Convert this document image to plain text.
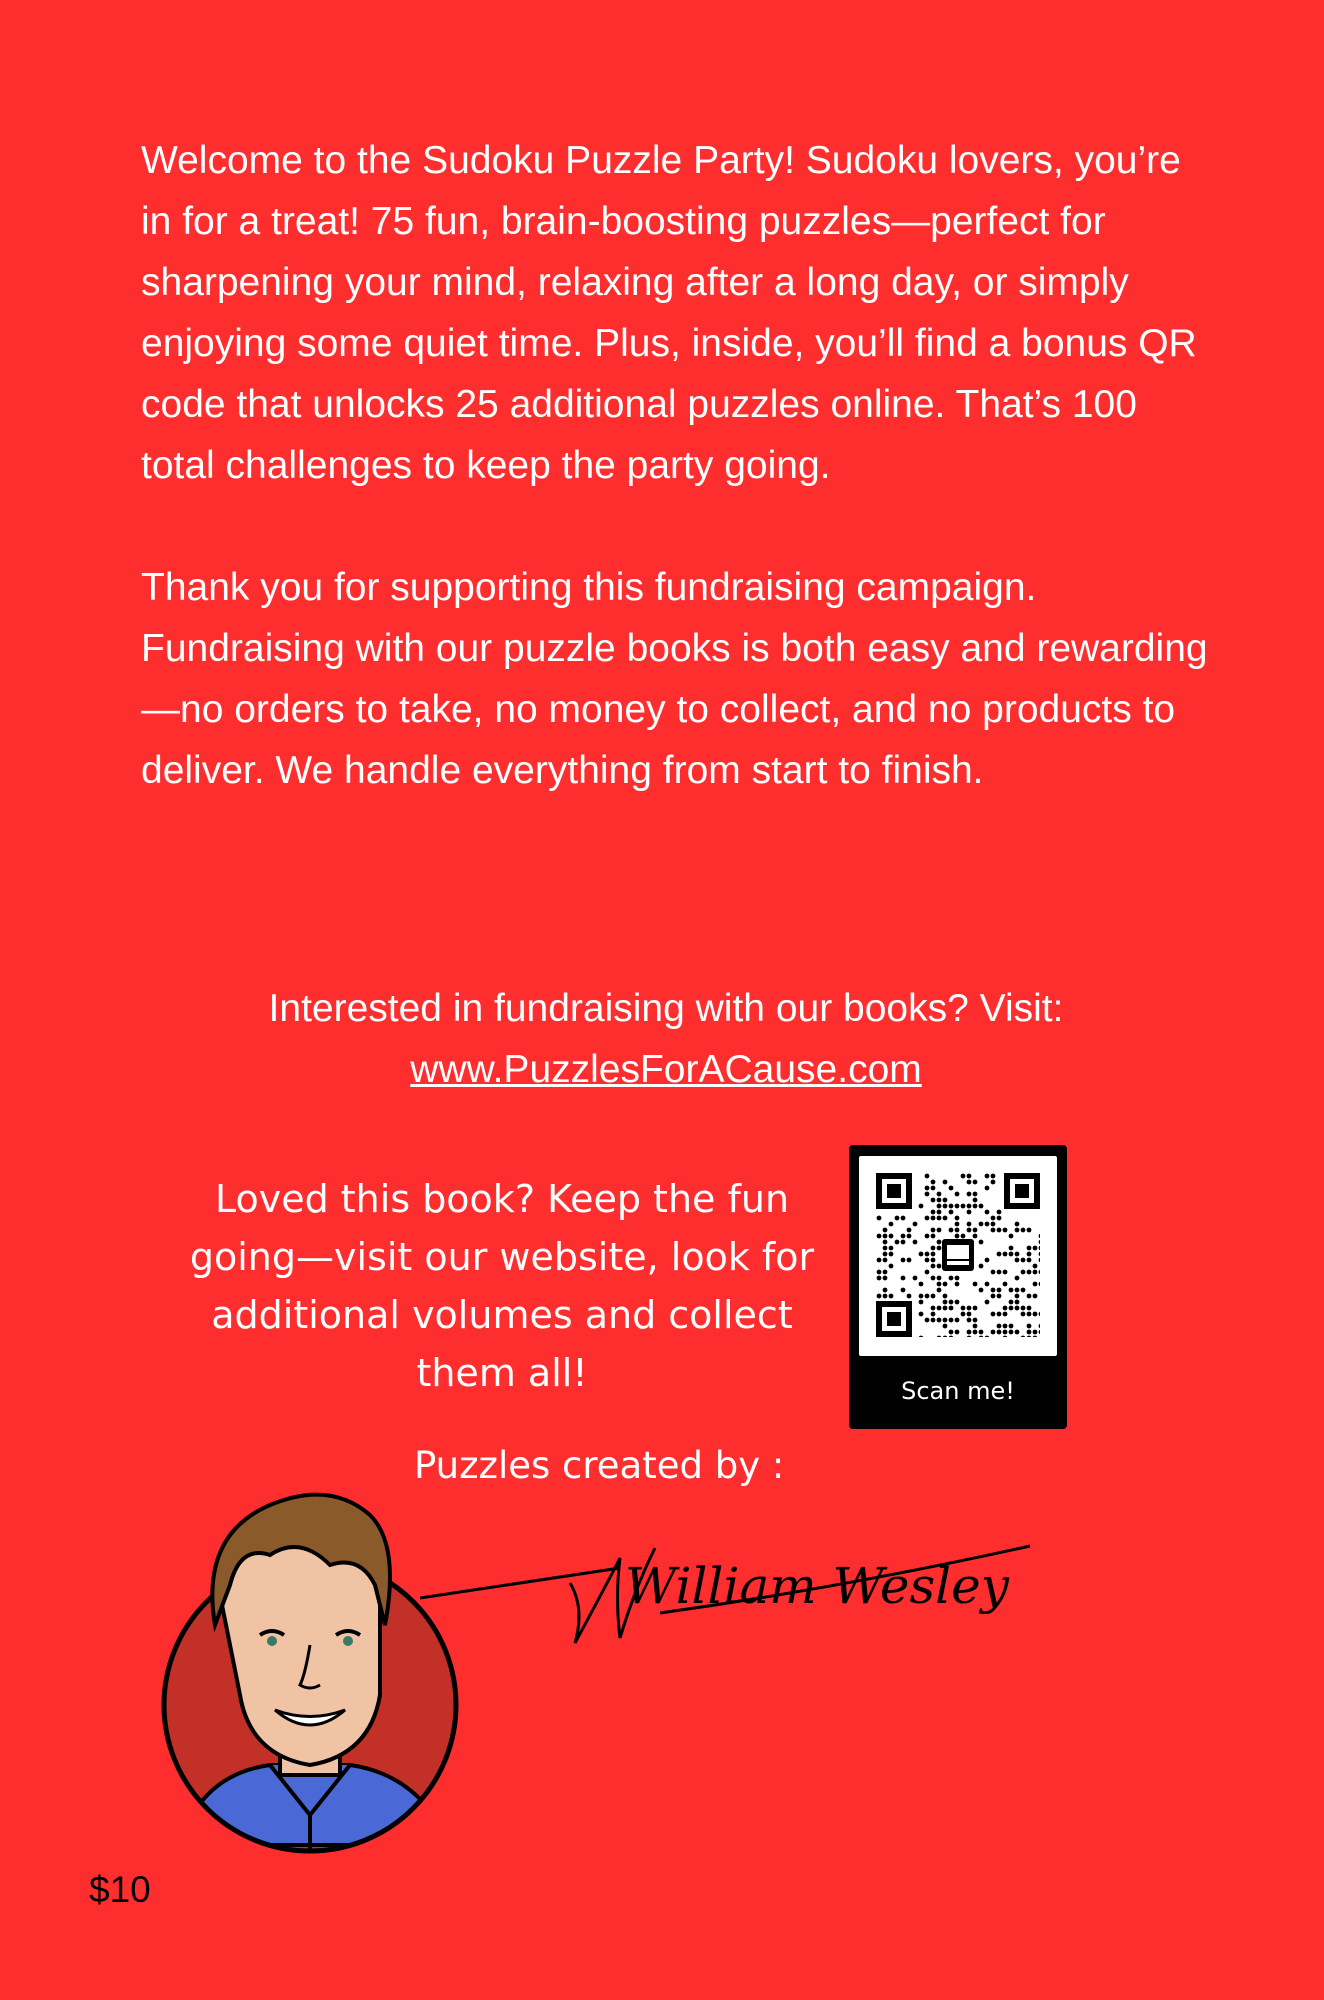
Welcome to the Sudoku Puzzle Party! Sudoku lovers, you’re in for a treat! 75 fun, brain-boosting puzzles—perfect for sharpening your mind, relaxing after a long day, or simply enjoying some quiet time. Plus, inside, you’ll find a bonus QR code that unlocks 25 additional puzzles online. That’s 100 total challenges to keep the party going.

Thank you for supporting this fundraising campaign. Fundraising with our puzzle books is both easy and rewarding—no orders to take, no money to collect, and no products to deliver. We handle everything from start to finish.

Interested in fundraising with our books? Visit:
www.PuzzlesForACause.com
Loved this book? Keep the fun going—visit our website, look for additional volumes and collect them all!	Scan me!
Puzzles created by :
William Wesley
$10
